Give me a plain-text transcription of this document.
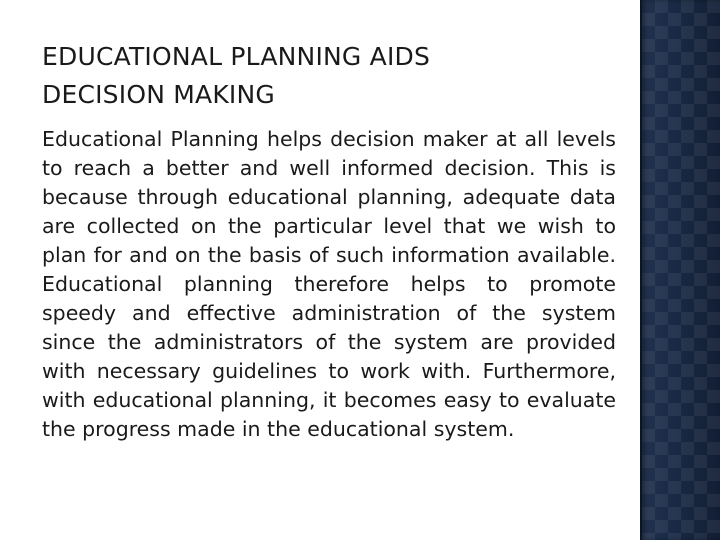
EDUCATIONAL PLANNING AIDS
DECISION MAKING

Educational Planning helps decision maker at all levels to reach a better and well informed decision. This is because through educational planning, adequate data are collected on the particular level that we wish to plan for and on the basis of such information available. Educational planning therefore helps to promote speedy and effective administration of the system since the administrators of the system are provided with necessary guidelines to work with. Furthermore, with educational planning, it becomes easy to evaluate the progress made in the educational system.
